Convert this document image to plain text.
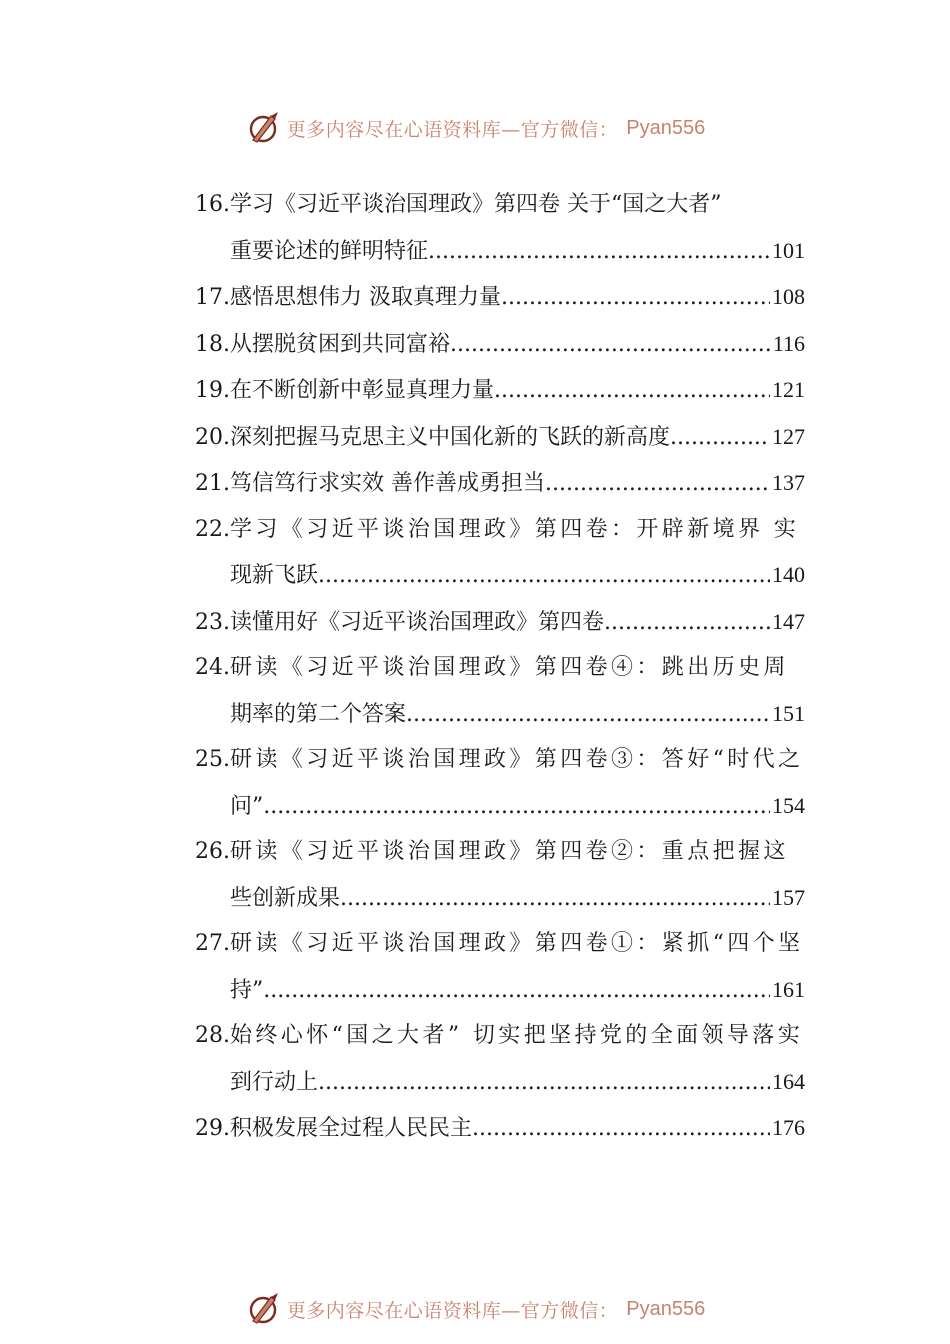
更多内容尽在心语资料库—官方微信： Pyan556
16. 学习《习近平谈治国理政》第四卷 关于“国之大者”
重要论述的鲜明特征 .....	101
17. 感悟思想伟力 汲取真理力量 .....	108
18. 从摆脱贫困到共同富裕 .....	116
19. 在不断创新中彰显真理力量 .....	121
20. 深刻把握马克思主义中国化新的飞跃的新高度 .....	127
21. 笃信笃行求实效 善作善成勇担当 .....	137
22. 学习《习近平谈治国理政》第四卷：开辟新境界 实
现新飞跃 .....	140
23. 读懂用好《习近平谈治国理政》第四卷 .....	147
24. 研读《习近平谈治国理政》第四卷④：跳出历史周
期率的第二个答案 .....	151
25. 研读《习近平谈治国理政》第四卷③：答好“时代之
问” .....	154
26. 研读《习近平谈治国理政》第四卷②：重点把握这
些创新成果 .....	157
27. 研读《习近平谈治国理政》第四卷①：紧抓“四个坚
持” .....	161
28. 始终心怀“国之大者” 切实把坚持党的全面领导落实
到行动上 .....	164
29. 积极发展全过程人民民主 .....	176
更多内容尽在心语资料库—官方微信： Pyan556
